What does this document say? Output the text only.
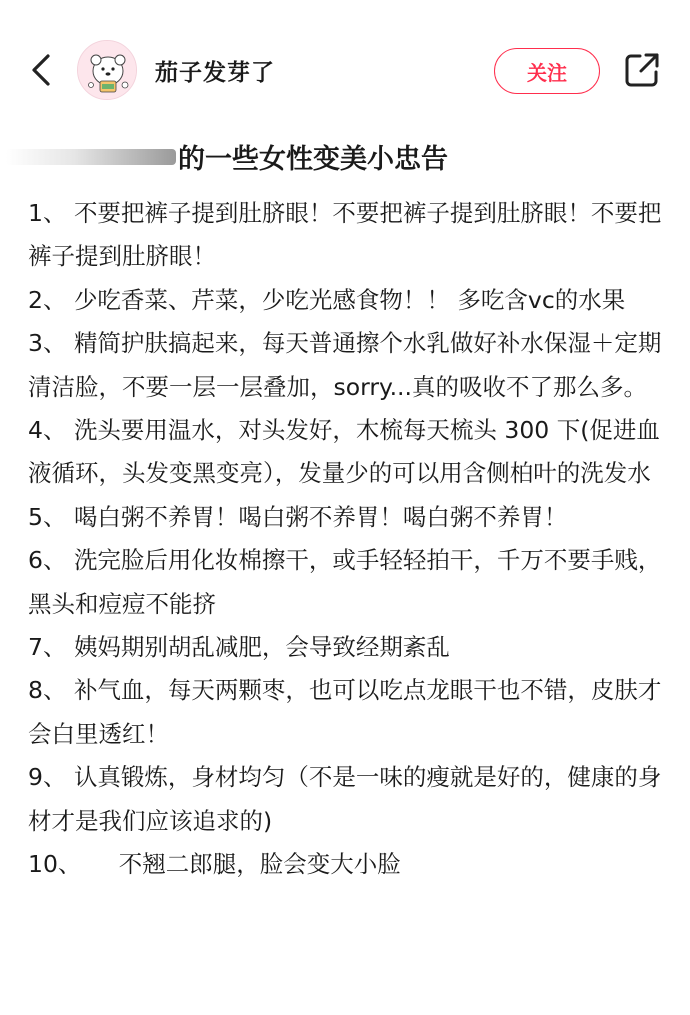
茄子发芽了	关注
的一些女性变美小忠告
1、 不要把裤子提到肚脐眼！不要把裤子提到肚脐眼！不要把裤子提到肚脐眼！
2、 少吃香菜、芹菜，少吃光感食物！！ 多吃含vc的水果
3、 精简护肤搞起来，每天普通擦个水乳做好补水保湿＋定期清洁脸，不要一层一层叠加，sorry...真的吸收不了那么多。
4、 洗头要用温水，对头发好，木梳每天梳头 300 下(促进血液循环，头发变黑变亮），发量少的可以用含侧柏叶的洗发水
5、 喝白粥不养胃！喝白粥不养胃！喝白粥不养胃！
6、 洗完脸后用化妆棉擦干，或手轻轻拍干，千万不要手贱，黑头和痘痘不能挤
7、 姨妈期别胡乱减肥，会导致经期紊乱
8、 补气血，每天两颗枣，也可以吃点龙眼干也不错，皮肤才会白里透红！
9、 认真锻炼，身材均匀（不是一味的瘦就是好的，健康的身材才是我们应该追求的)
10、 不翘二郎腿，脸会变大小脸
